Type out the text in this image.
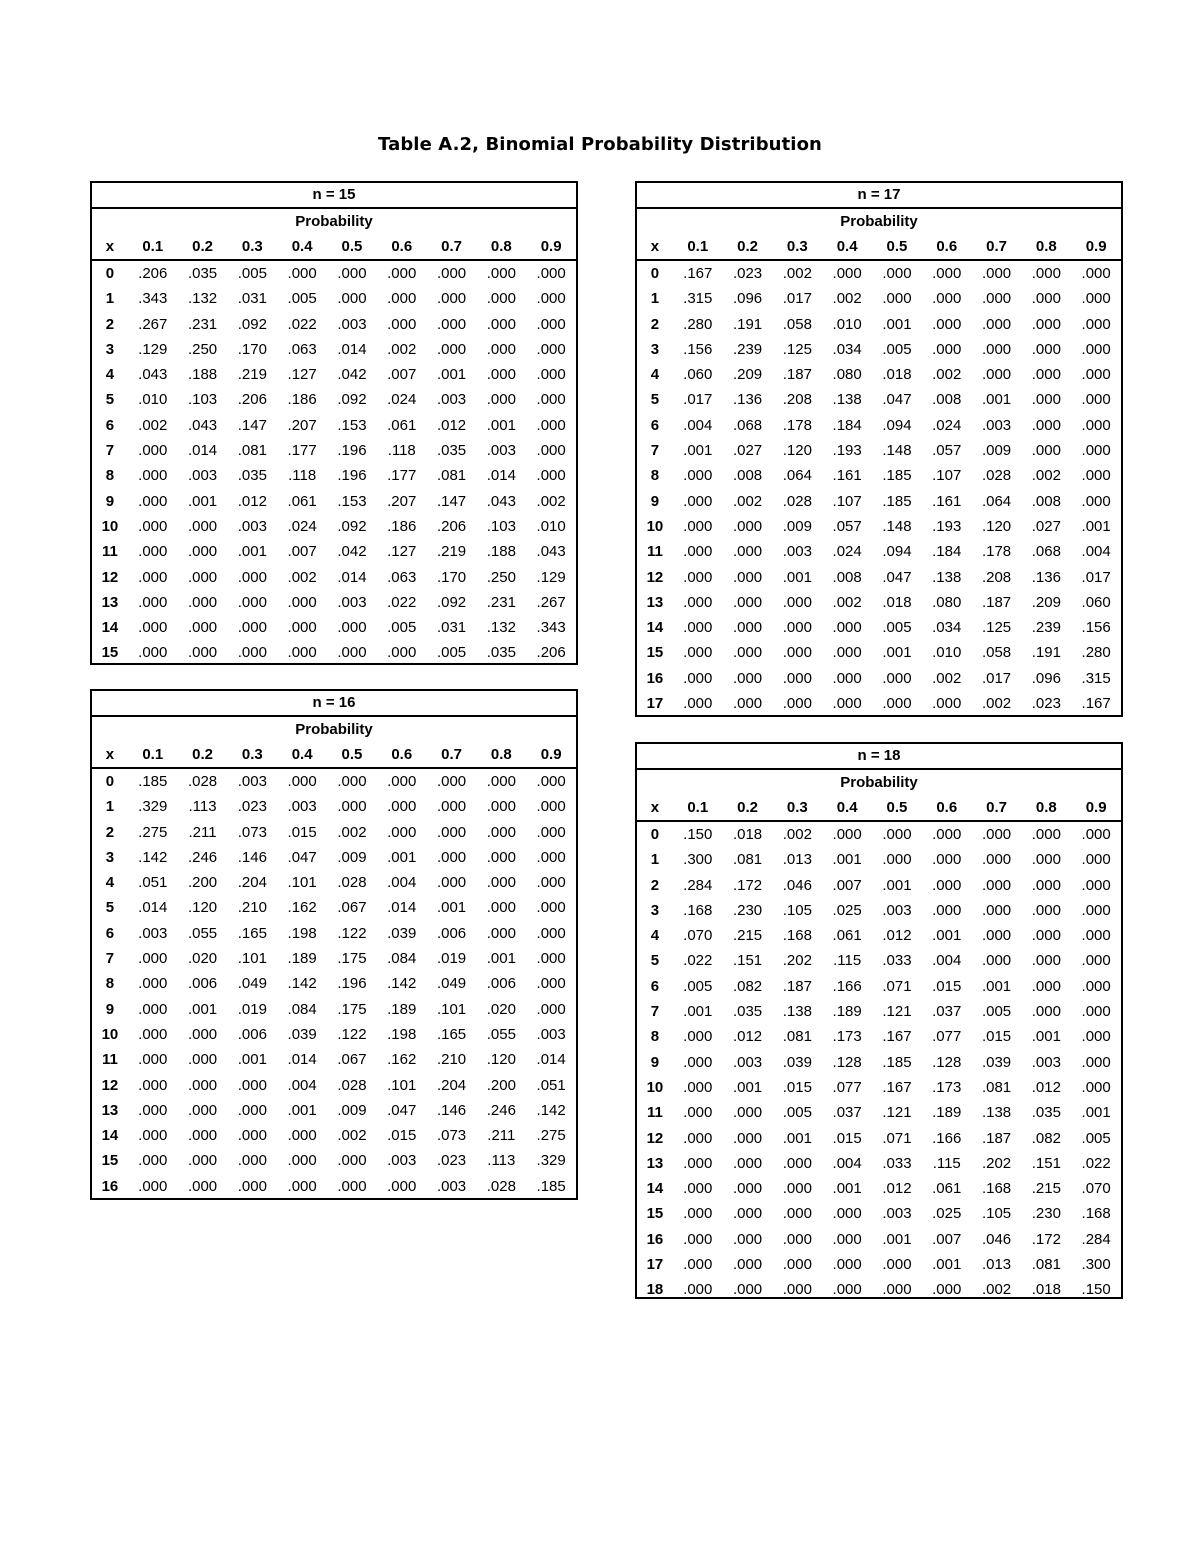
Table A.2, Binomial Probability Distribution
n = 15
Probability
x	0.1	0.2	0.3	0.4	0.5	0.6	0.7	0.8	0.9
0	.206	.035	.005	.000	.000	.000	.000	.000	.000
1	.343	.132	.031	.005	.000	.000	.000	.000	.000
2	.267	.231	.092	.022	.003	.000	.000	.000	.000
3	.129	.250	.170	.063	.014	.002	.000	.000	.000
4	.043	.188	.219	.127	.042	.007	.001	.000	.000
5	.010	.103	.206	.186	.092	.024	.003	.000	.000
6	.002	.043	.147	.207	.153	.061	.012	.001	.000
7	.000	.014	.081	.177	.196	.118	.035	.003	.000
8	.000	.003	.035	.118	.196	.177	.081	.014	.000
9	.000	.001	.012	.061	.153	.207	.147	.043	.002
10	.000	.000	.003	.024	.092	.186	.206	.103	.010
11	.000	.000	.001	.007	.042	.127	.219	.188	.043
12	.000	.000	.000	.002	.014	.063	.170	.250	.129
13	.000	.000	.000	.000	.003	.022	.092	.231	.267
14	.000	.000	.000	.000	.000	.005	.031	.132	.343
15	.000	.000	.000	.000	.000	.000	.005	.035	.206
n = 16
Probability
x	0.1	0.2	0.3	0.4	0.5	0.6	0.7	0.8	0.9
0	.185	.028	.003	.000	.000	.000	.000	.000	.000
1	.329	.113	.023	.003	.000	.000	.000	.000	.000
2	.275	.211	.073	.015	.002	.000	.000	.000	.000
3	.142	.246	.146	.047	.009	.001	.000	.000	.000
4	.051	.200	.204	.101	.028	.004	.000	.000	.000
5	.014	.120	.210	.162	.067	.014	.001	.000	.000
6	.003	.055	.165	.198	.122	.039	.006	.000	.000
7	.000	.020	.101	.189	.175	.084	.019	.001	.000
8	.000	.006	.049	.142	.196	.142	.049	.006	.000
9	.000	.001	.019	.084	.175	.189	.101	.020	.000
10	.000	.000	.006	.039	.122	.198	.165	.055	.003
11	.000	.000	.001	.014	.067	.162	.210	.120	.014
12	.000	.000	.000	.004	.028	.101	.204	.200	.051
13	.000	.000	.000	.001	.009	.047	.146	.246	.142
14	.000	.000	.000	.000	.002	.015	.073	.211	.275
15	.000	.000	.000	.000	.000	.003	.023	.113	.329
16	.000	.000	.000	.000	.000	.000	.003	.028	.185
n = 17
Probability
x	0.1	0.2	0.3	0.4	0.5	0.6	0.7	0.8	0.9
0	.167	.023	.002	.000	.000	.000	.000	.000	.000
1	.315	.096	.017	.002	.000	.000	.000	.000	.000
2	.280	.191	.058	.010	.001	.000	.000	.000	.000
3	.156	.239	.125	.034	.005	.000	.000	.000	.000
4	.060	.209	.187	.080	.018	.002	.000	.000	.000
5	.017	.136	.208	.138	.047	.008	.001	.000	.000
6	.004	.068	.178	.184	.094	.024	.003	.000	.000
7	.001	.027	.120	.193	.148	.057	.009	.000	.000
8	.000	.008	.064	.161	.185	.107	.028	.002	.000
9	.000	.002	.028	.107	.185	.161	.064	.008	.000
10	.000	.000	.009	.057	.148	.193	.120	.027	.001
11	.000	.000	.003	.024	.094	.184	.178	.068	.004
12	.000	.000	.001	.008	.047	.138	.208	.136	.017
13	.000	.000	.000	.002	.018	.080	.187	.209	.060
14	.000	.000	.000	.000	.005	.034	.125	.239	.156
15	.000	.000	.000	.000	.001	.010	.058	.191	.280
16	.000	.000	.000	.000	.000	.002	.017	.096	.315
17	.000	.000	.000	.000	.000	.000	.002	.023	.167
n = 18
Probability
x	0.1	0.2	0.3	0.4	0.5	0.6	0.7	0.8	0.9
0	.150	.018	.002	.000	.000	.000	.000	.000	.000
1	.300	.081	.013	.001	.000	.000	.000	.000	.000
2	.284	.172	.046	.007	.001	.000	.000	.000	.000
3	.168	.230	.105	.025	.003	.000	.000	.000	.000
4	.070	.215	.168	.061	.012	.001	.000	.000	.000
5	.022	.151	.202	.115	.033	.004	.000	.000	.000
6	.005	.082	.187	.166	.071	.015	.001	.000	.000
7	.001	.035	.138	.189	.121	.037	.005	.000	.000
8	.000	.012	.081	.173	.167	.077	.015	.001	.000
9	.000	.003	.039	.128	.185	.128	.039	.003	.000
10	.000	.001	.015	.077	.167	.173	.081	.012	.000
11	.000	.000	.005	.037	.121	.189	.138	.035	.001
12	.000	.000	.001	.015	.071	.166	.187	.082	.005
13	.000	.000	.000	.004	.033	.115	.202	.151	.022
14	.000	.000	.000	.001	.012	.061	.168	.215	.070
15	.000	.000	.000	.000	.003	.025	.105	.230	.168
16	.000	.000	.000	.000	.001	.007	.046	.172	.284
17	.000	.000	.000	.000	.000	.001	.013	.081	.300
18	.000	.000	.000	.000	.000	.000	.002	.018	.150
